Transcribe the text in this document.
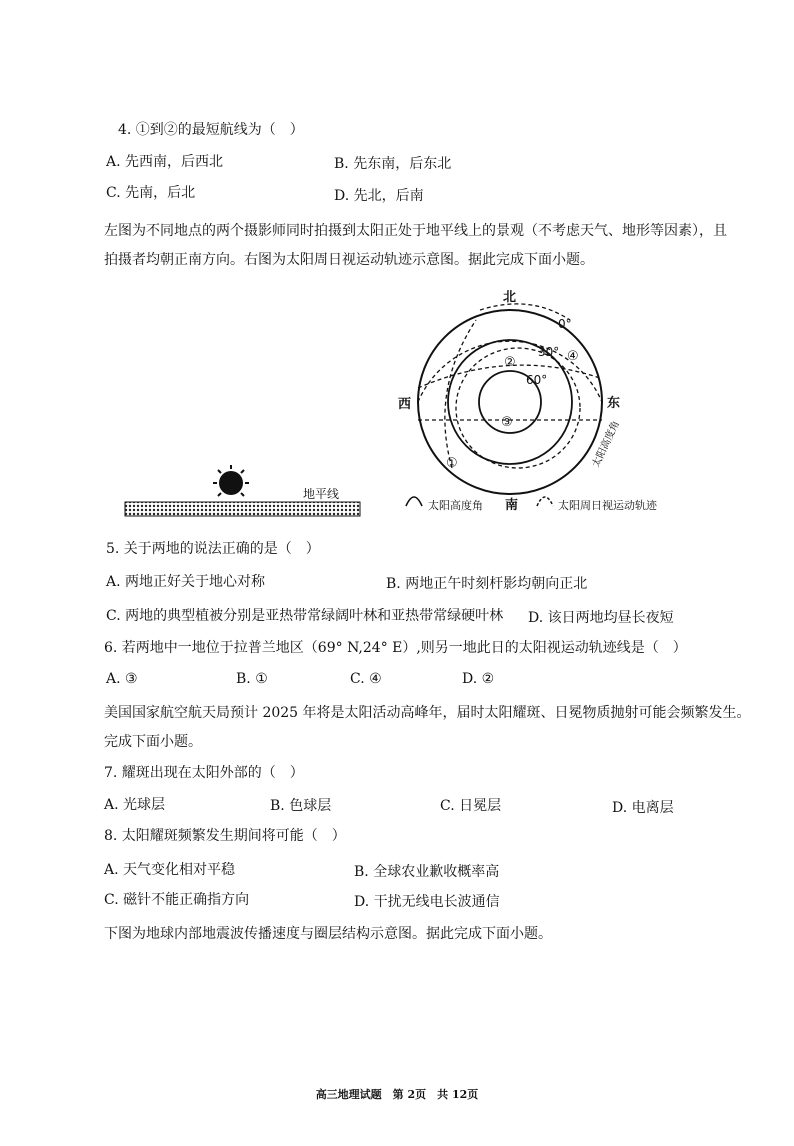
4. ①到②的最短航线为（　）
A. 先西南，后西北	B. 先东南，后东北
C. 先南，后北	D. 先北，后南
左图为不同地点的两个摄影师同时拍摄到太阳正处于地平线上的景观（不考虑天气、地形等因素），且
拍摄者均朝正南方向。右图为太阳周日视运动轨迹示意图。据此完成下面小题。
地平线
北
西	东
南
0°
30°
60°
①
②
③
④
太阳高度角
太阳高度角	太阳周日视运动轨迹
5. 关于两地的说法正确的是（　）
A. 两地正好关于地心对称	B. 两地正午时刻杆影均朝向正北
C. 两地的典型植被分别是亚热带常绿阔叶林和亚热带常绿硬叶林 D. 该日两地均昼长夜短
6. 若两地中一地位于拉普兰地区（69° N,24° E）,则另一地此日的太阳视运动轨迹线是（　）
A. ③	B. ①	C. ④	D. ②
美国国家航空航天局预计 2025 年将是太阳活动高峰年，届时太阳耀斑、日冕物质抛射可能会频繁发生。
完成下面小题。
7. 耀斑出现在太阳外部的（　）
A. 光球层	B. 色球层	C. 日冕层	D. 电离层
8. 太阳耀斑频繁发生期间将可能（　）
A. 天气变化相对平稳	B. 全球农业歉收概率高
C. 磁针不能正确指方向	D. 干扰无线电长波通信
下图为地球内部地震波传播速度与圈层结构示意图。据此完成下面小题。
高三地理试题　第 2页　共 12页
